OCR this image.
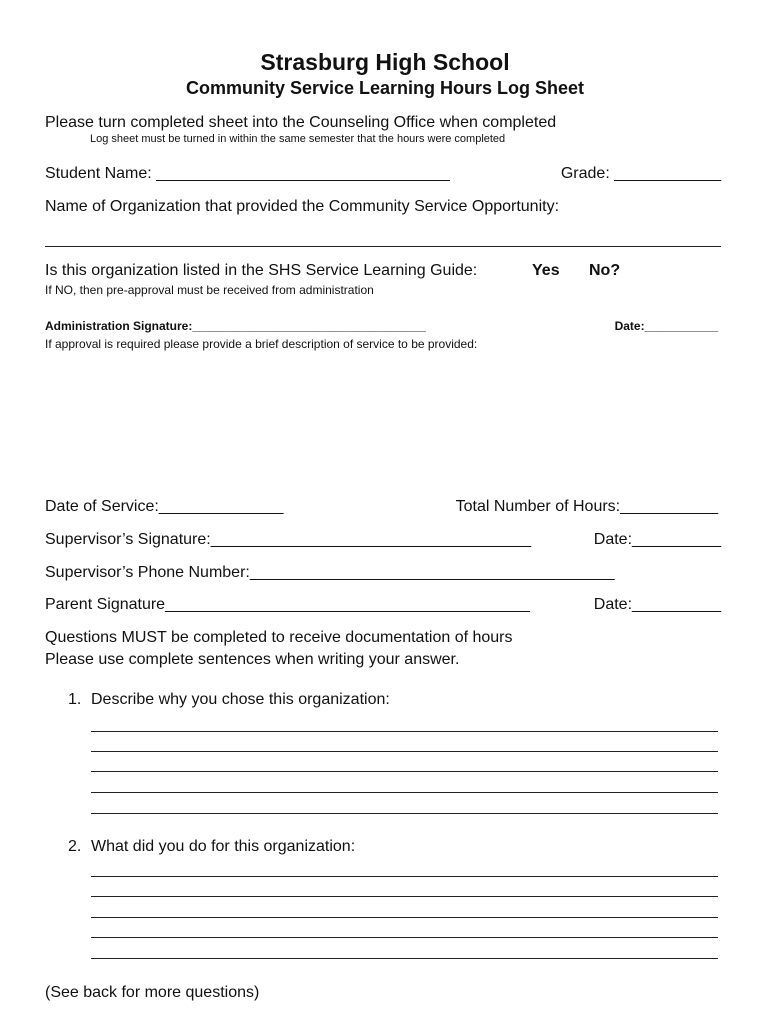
Strasburg High School
Community Service Learning Hours Log Sheet
Please turn completed sheet into the Counseling Office when completed
Log sheet must be turned in within the same semester that the hours were completed
Student Name: _________________________________	Grade: ____________
Name of Organization that provided the Community Service Opportunity:
Is this organization listed in the SHS Service Learning Guide:	Yes No?
If NO, then pre-approval must be received from administration
Administration Signature:___________________________________	Date:___________
If approval is required please provide a brief description of service to be provided:
Date of Service:______________	Total Number of Hours:___________
Supervisor’s Signature:____________________________________	Date:__________
Supervisor’s Phone Number:_________________________________________
Parent Signature_________________________________________	Date:__________
Questions MUST be completed to receive documentation of hours
Please use complete sentences when writing your answer.
1. Describe why you chose this organization:
2. What did you do for this organization:
(See back for more questions)
